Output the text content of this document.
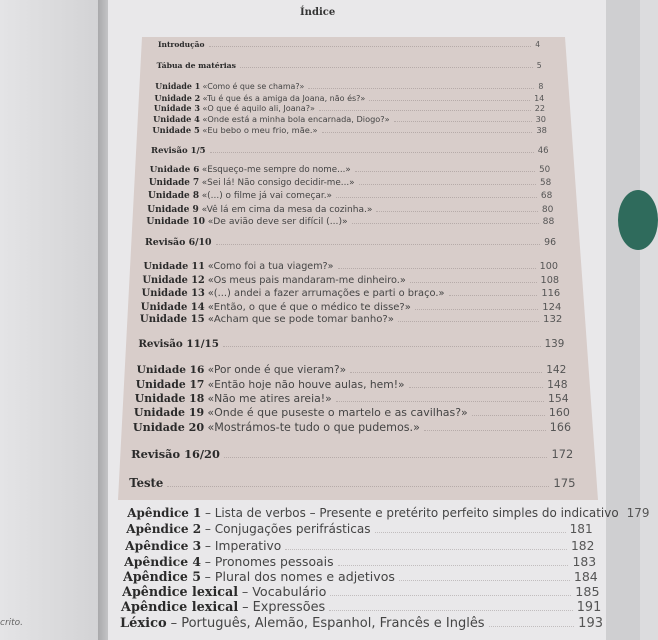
crito.
Índice
Introdução	4
Tábua de matérias	5
Unidade 1 «Como é que se chama?»	8
Unidade 2 «Tu é que és a amiga da Joana, não és?»	14
Unidade 3 «O que é aquilo ali, Joana?»	22
Unidade 4 «Onde está a minha bola encarnada, Diogo?»	30
Unidade 5 «Eu bebo o meu frio, mãe.»	38
Revisão 1/5	46
Unidade 6 «Esqueço-me sempre do nome...»	50
Unidade 7 «Sei lá! Não consigo decidir-me...»	58
Unidade 8 «(...) o filme já vai começar.»	68
Unidade 9 «Vê lá em cima da mesa da cozinha.»	80
Unidade 10 «De avião deve ser difícil (...)»	88
Revisão 6/10	96
Unidade 11 «Como foi a tua viagem?»	100
Unidade 12 «Os meus pais mandaram-me dinheiro.»	108
Unidade 13 «(...) andei a fazer arrumações e parti o braço.»	116
Unidade 14 «Então, o que é que o médico te disse?»	124
Unidade 15 «Acham que se pode tomar banho?»	132
Revisão 11/15	139
Unidade 16 «Por onde é que vieram?»	142
Unidade 17 «Então hoje não houve aulas, hem!»	148
Unidade 18 «Não me atires areia!»	154
Unidade 19 «Onde é que puseste o martelo e as cavilhas?»	160
Unidade 20 «Mostrámos-te tudo o que pudemos.»	166
Revisão 16/20	172
Teste	175
Apêndice 1 – Lista de verbos – Presente e pretérito perfeito simples do indicativo 179
Apêndice 2 – Conjugações perifrásticas	181
Apêndice 3 – Imperativo	182
Apêndice 4 – Pronomes pessoais	183
Apêndice 5 – Plural dos nomes e adjetivos	184
Apêndice lexical – Vocabulário	185
Apêndice lexical – Expressões	191
Léxico – Português, Alemão, Espanhol, Francês e Inglês	193
